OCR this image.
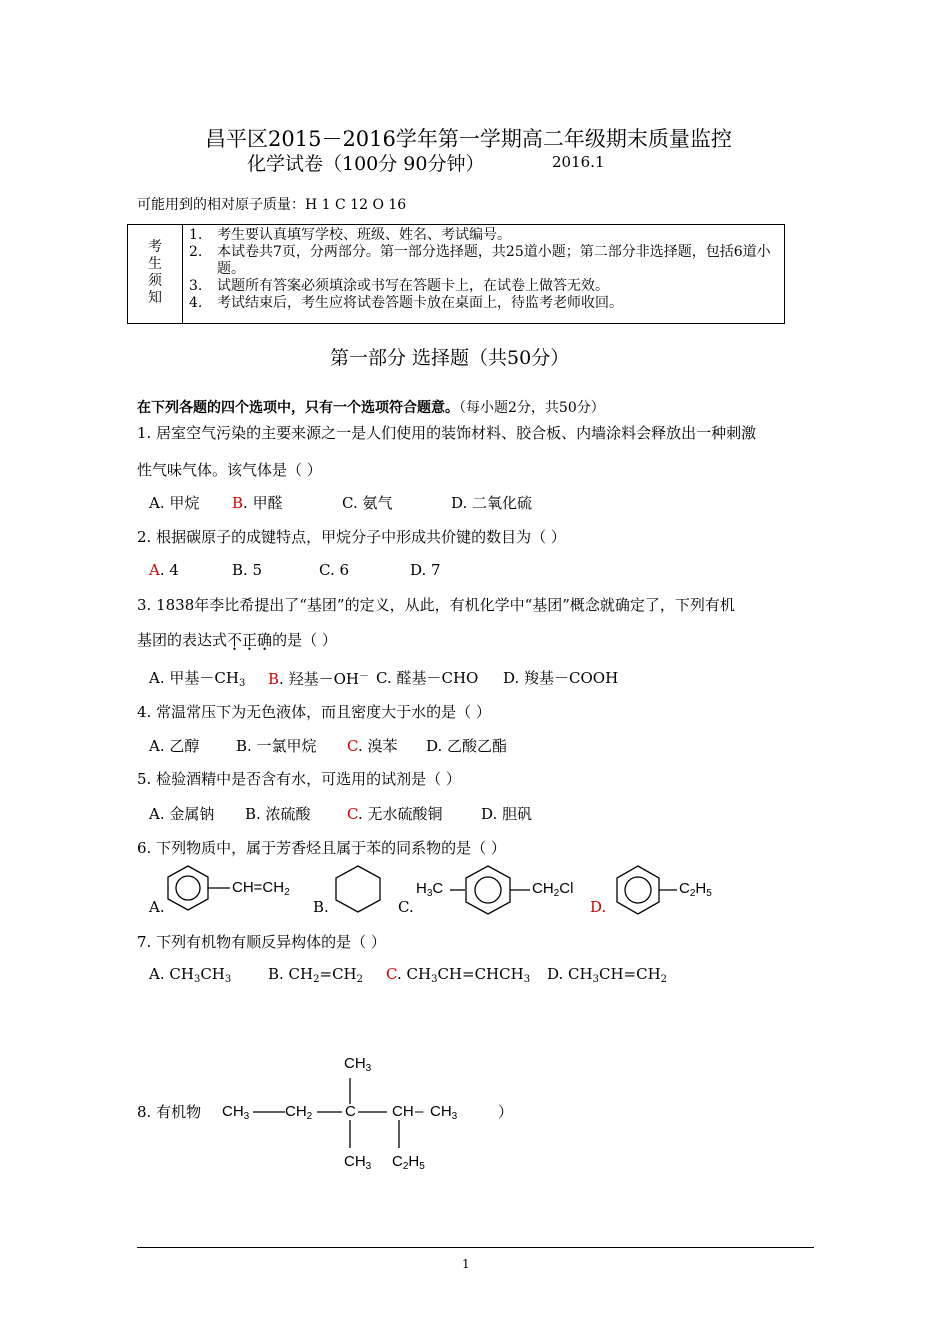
昌平区2015－2016学年第一学期高二年级期末质量监控
化学试卷（100分 90分钟）	2016.1
可能用到的相对原子质量：H 1 C 12 O 16
考
生
须
知

1.	考生要认真填写学校、班级、姓名、考试编号。
2.	本试卷共7页，分两部分。第一部分选择题，共25道小题；第二部分非选择题，包括6道小题。
3.	试题所有答案必须填涂或书写在答题卡上，在试卷上做答无效。
4.	考试结束后，考生应将试卷答题卡放在桌面上，待监考老师收回。
第一部分 选择题（共50分）
在下列各题的四个选项中，只有一个选项符合题意。（每小题2分，共50分）
1. 居室空气污染的主要来源之一是人们使用的装饰材料、胶合板、内墙涂料会释放出一种刺激
性气味气体。该气体是（ ）
A. 甲烷 B. 甲醛	C. 氨气	D. 二氧化硫
2. 根据碳原子的成键特点，甲烷分子中形成共价键的数目为（ ）
A. 4	B. 5	C. 6	D. 7
3. 1838年李比希提出了“基团”的定义，从此，有机化学中“基团”概念就确定了，下列有机
基团的表达式不正确的是（ ）
A. 甲基$-CH_3$ B. 羟基－OH－ C. 醛基－CHO D. 羧基－COOH
4. 常温常压下为无色液体，而且密度大于水的是（ ）
A. 乙醇 B. 一氯甲烷 C. 溴苯 D. 乙酸乙酯
5. 检验酒精中是否含有水，可选用的试剂是（ ）
A. 金属钠 B. 浓硫酸 C. 无水硫酸铜	D. 胆矾
6. 下列物质中，属于芳香烃且属于苯的同系物的是（ ）
A.	B.	C.	D.
$CH=CH_2$	$H_3C$	$CH_2Cl$	$C_2H_5$
7. 下列有机物有顺反异构体的是（ ）
A. $CH_3CH_3$ B. $CH_2=CH_2$ C. $CH_3CH=CHCH_3$ D. $CH_3CH=CH_2$
8. 有机物	）
$CH_3$ $CH_2$ C CH – $CH_3$
$CH_3$
$CH_3$ $C_2H_5$
1
